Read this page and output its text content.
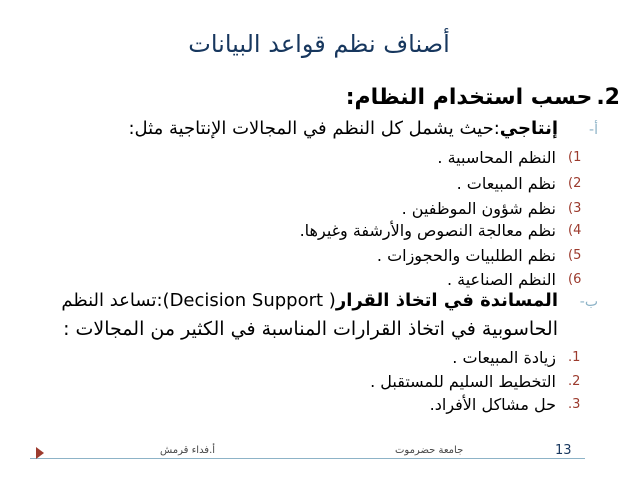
أصناف نظم قواعد البيانات
.2
حسب استخدام النظام:
أ-
إنتاجي
:حيث يشمل كل النظم في المجالات الإنتاجية مثل:
(1
النظم المحاسبية .
(2
نظم المبيعات .
(3
نظم شؤون الموظفين .
(4
نظم معالجة النصوص والأرشفة وغيرها.
(5
نظم الطلبيات والحجوزات .
(6
النظم الصناعية .
ب-
المساندة في اتخاذ القرار
(Decision Support )
:تساعد النظم
الحاسوبية في اتخاذ القرارات المناسبة في الكثير من المجالات :
.1
زيادة المبيعات .
.2
التخطيط السليم للمستقبل .
.3
حل مشاكل الأفراد.
13
جامعة حضرموت
أ.فداء قرمش
